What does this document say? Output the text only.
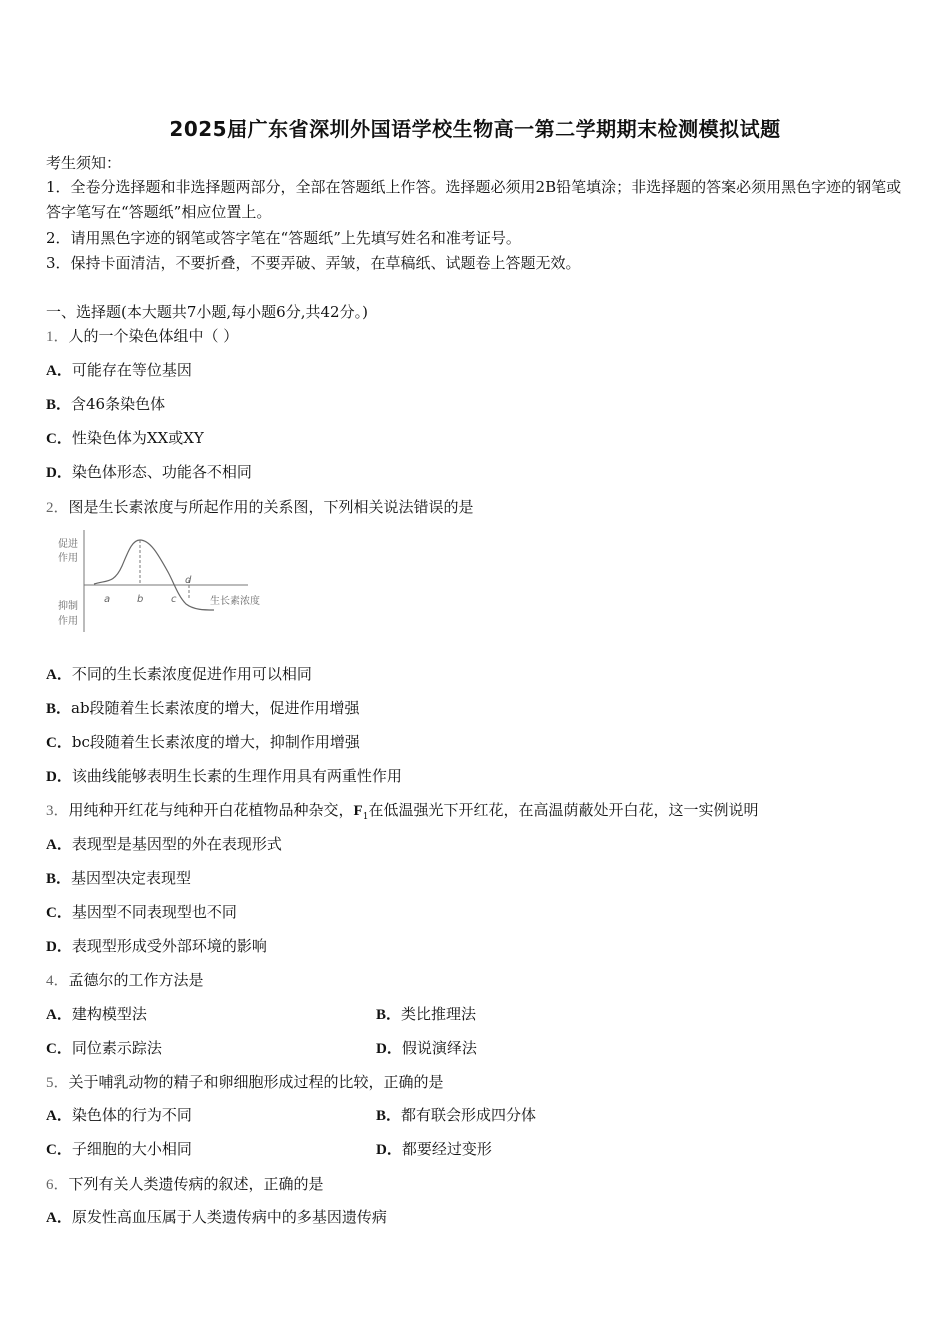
2025届广东省深圳外国语学校生物高一第二学期期末检测模拟试题
考生须知：
1．全卷分选择题和非选择题两部分，全部在答题纸上作答。选择题必须用2B铅笔填涂；非选择题的答案必须用黑色字迹的钢笔或答字笔写在“答题纸”相应位置上。
2．请用黑色字迹的钢笔或答字笔在“答题纸”上先填写姓名和准考证号。
3．保持卡面清洁，不要折叠，不要弄破、弄皱，在草稿纸、试题卷上答题无效。
一、选择题(本大题共7小题,每小题6分,共42分。)
1．人的一个染色体组中（ ）
A．可能存在等位基因
B．含46条染色体
C．性染色体为XX或XY
D．染色体形态、功能各不相同
2．图是生长素浓度与所起作用的关系图，下列相关说法错误的是
促进
作用
抑制
作用
a	b	c
d
生长素浓度
A．不同的生长素浓度促进作用可以相同
B．ab段随着生长素浓度的增大，促进作用增强
C．bc段随着生长素浓度的增大，抑制作用增强
D．该曲线能够表明生长素的生理作用具有两重性作用
3．用纯种开红花与纯种开白花植物品种杂交，$F_1$在低温强光下开红花，在高温荫蔽处开白花，这一实例说明
A．表现型是基因型的外在表现形式
B．基因型决定表现型
C．基因型不同表现型也不同
D．表现型形成受外部环境的影响
4．孟德尔的工作方法是
A．建构模型法	B．类比推理法
C．同位素示踪法	D．假说演绎法
5．关于哺乳动物的精子和卵细胞形成过程的比较，正确的是
A．染色体的行为不同	B．都有联会形成四分体
C．子细胞的大小相同	D．都要经过变形
6．下列有关人类遗传病的叙述，正确的是
A．原发性高血压属于人类遗传病中的多基因遗传病
